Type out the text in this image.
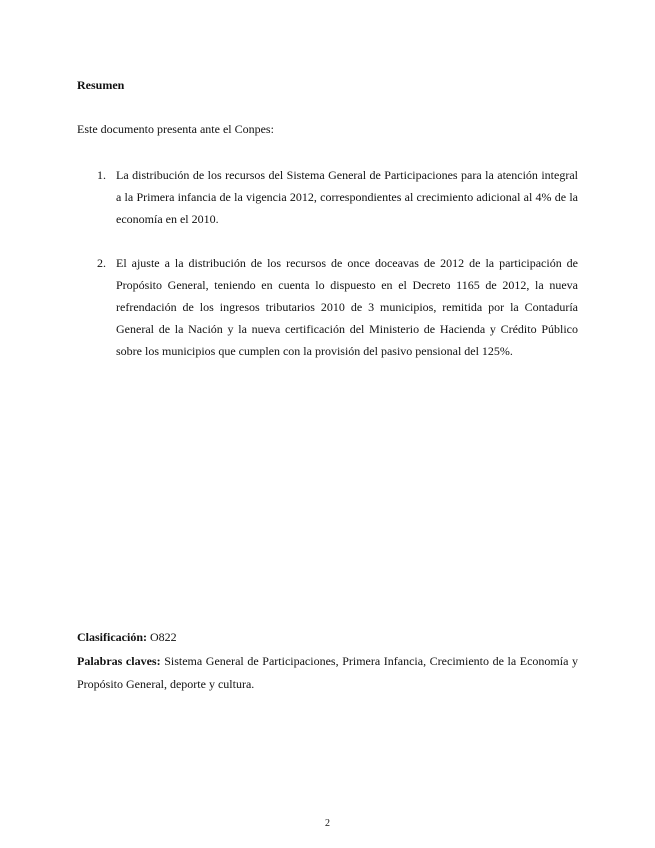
Resumen

Este documento presenta ante el Conpes:

1. La distribución de los recursos del Sistema General de Participaciones para la atención integral a la Primera infancia de la vigencia 2012, correspondientes al crecimiento adicional al 4% de la economía en el 2010.
2. El ajuste a la distribución de los recursos de once doceavas de 2012 de la participación de Propósito General, teniendo en cuenta lo dispuesto en el Decreto 1165 de 2012, la nueva refrendación de los ingresos tributarios 2010 de 3 municipios, remitida por la Contaduría General de la Nación y la nueva certificación del Ministerio de Hacienda y Crédito Público sobre los municipios que cumplen con la provisión del pasivo pensional del 125%.

Clasificación: O822

Palabras claves: Sistema General de Participaciones, Primera Infancia, Crecimiento de la Economía y Propósito General, deporte y cultura.

2
